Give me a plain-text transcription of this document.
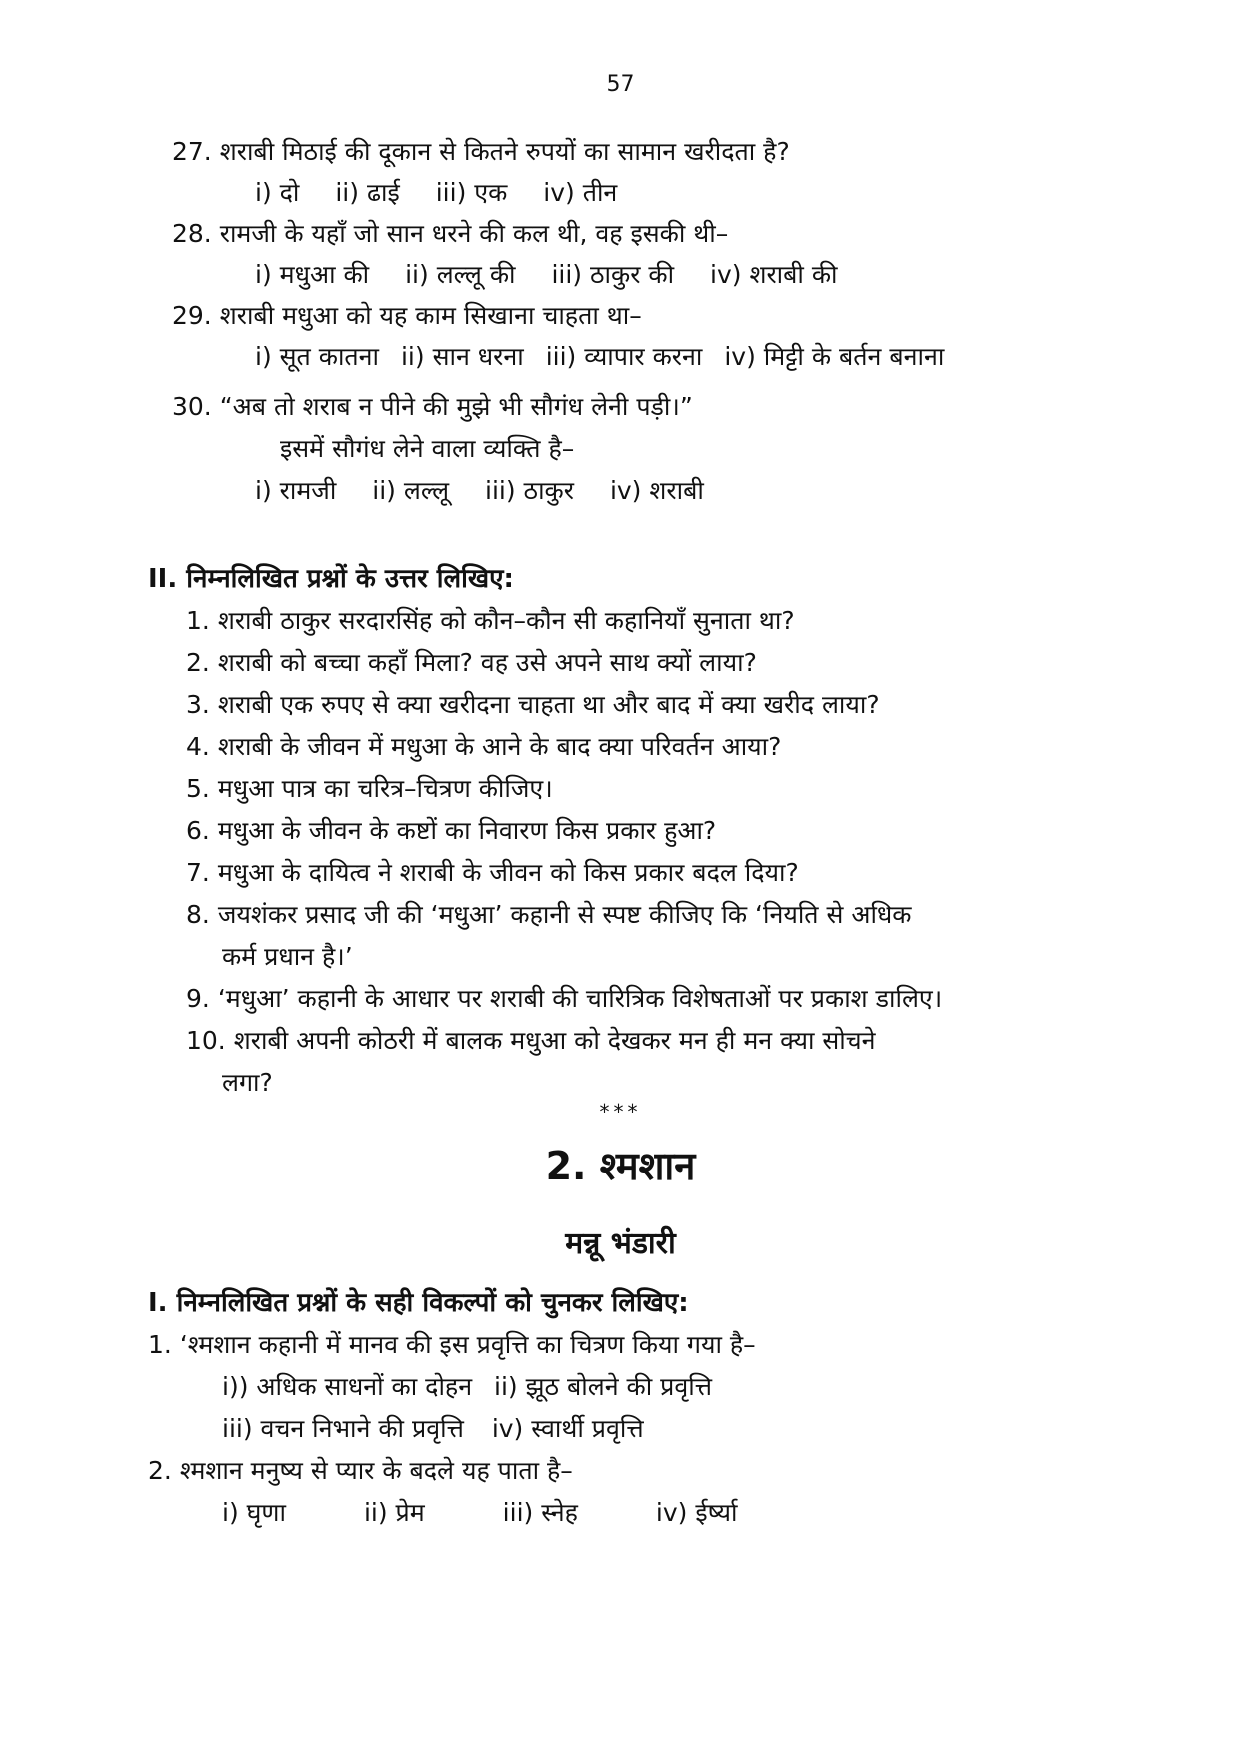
57
27. शराबी मिठाई की दूकान से कितने रुपयों का सामान खरीदता है?
i) दो ii) ढाई iii) एक iv) तीन
28. रामजी के यहाँ जो सान धरने की कल थी, वह इसकी थी–
i) मधुआ की ii) लल्लू की iii) ठाकुर की iv) शराबी की
29. शराबी मधुआ को यह काम सिखाना चाहता था–
i) सूत कातना ii) सान धरना iii) व्यापार करना iv) मिट्टी के बर्तन बनाना
30. “अब तो शराब न पीने की मुझे भी सौगंध लेनी पड़ी।”
इसमें सौगंध लेने वाला व्यक्ति है–
i) रामजी ii) लल्लू iii) ठाकुर iv) शराबी
II. निम्नलिखित प्रश्नों के उत्तर लिखिए:
1. शराबी ठाकुर सरदारसिंह को कौन–कौन सी कहानियाँ सुनाता था?
2. शराबी को बच्चा कहाँ मिला? वह उसे अपने साथ क्यों लाया?
3. शराबी एक रुपए से क्या खरीदना चाहता था और बाद में क्या खरीद लाया?
4. शराबी के जीवन में मधुआ के आने के बाद क्या परिवर्तन आया?
5. मधुआ पात्र का चरित्र–चित्रण कीजिए।
6. मधुआ के जीवन के कष्टों का निवारण किस प्रकार हुआ?
7. मधुआ के दायित्व ने शराबी के जीवन को किस प्रकार बदल दिया?
8. जयशंकर प्रसाद जी की ‘मधुआ’ कहानी से स्पष्ट कीजिए कि ‘नियति से अधिक
कर्म प्रधान है।’
9. ‘मधुआ’ कहानी के आधार पर शराबी की चारित्रिक विशेषताओं पर प्रकाश डालिए।
10. शराबी अपनी कोठरी में बालक मधुआ को देखकर मन ही मन क्या सोचने
लगा?
***
2. श्मशान
मन्नू भंडारी
I. निम्नलिखित प्रश्नों के सही विकल्पों को चुनकर लिखिए:
1. ‘श्मशान कहानी में मानव की इस प्रवृत्ति का चित्रण किया गया है–
i)) अधिक साधनों का दोहन ii) झूठ बोलने की प्रवृत्ति
iii) वचन निभाने की प्रवृत्ति iv) स्वार्थी प्रवृत्ति
2. श्मशान मनुष्य से प्यार के बदले यह पाता है–
i) घृणा	ii) प्रेम	iii) स्नेह	iv) ईर्ष्या
